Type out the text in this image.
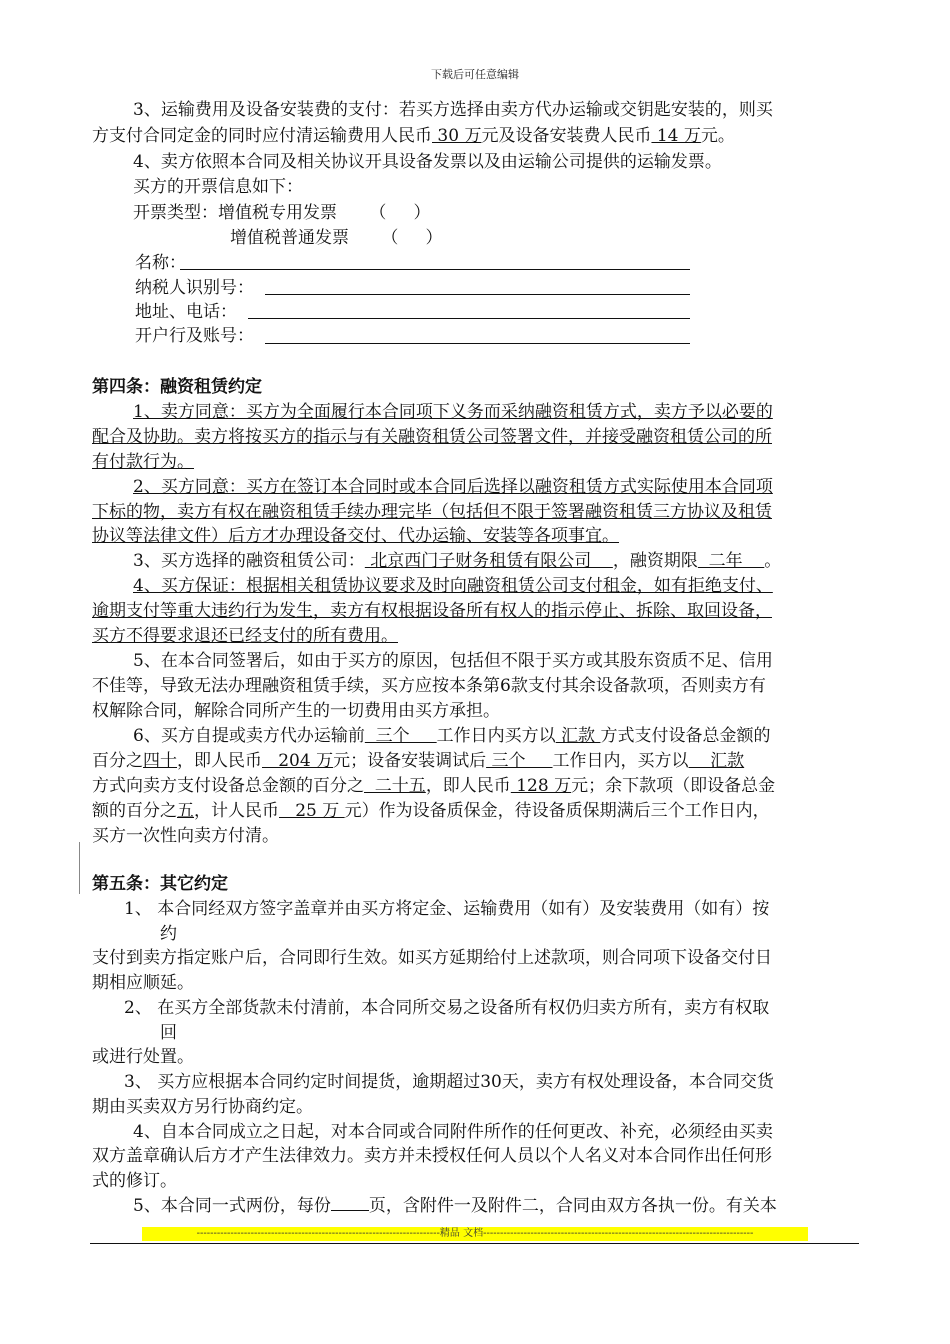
下载后可任意编辑
3、运输费用及设备安装费的支付：若买方选择由卖方代办运输或交钥匙安装的，则买
方支付合同定金的同时应付清运输费用人民币 30 万元及设备安装费人民币 14 万元。
4、卖方依照本合同及相关协议开具设备发票以及由运输公司提供的运输发票。
买方的开票信息如下：
开票类型：增值税专用发票      （     ）
增值税普通发票      （     ）
名称：
纳税人识别号：
地址、电话：
开户行及账号：
第四条：融资租赁约定
1、卖方同意：买方为全面履行本合同项下义务而采纳融资租赁方式，卖方予以必要的
配合及协助。卖方将按买方的指示与有关融资租赁公司签署文件，并接受融资租赁公司的所
有付款行为。
2、买方同意：买方在签订本合同时或本合同后选择以融资租赁方式实际使用本合同项
下标的物，卖方有权在融资租赁手续办理完毕（包括但不限于签署融资租赁三方协议及租赁
协议等法律文件）后方才办理设备交付、代办运输、安装等各项事宜。
3、买方选择的融资租赁公司： 北京西门子财务租赁有限公司    ，融资期限  二年    。
4、买方保证：根据相关租赁协议要求及时向融资租赁公司支付租金，如有拒绝支付、
逾期支付等重大违约行为发生，卖方有权根据设备所有权人的指示停止、拆除、取回设备，
买方不得要求退还已经支付的所有费用。
5、在本合同签署后，如由于买方的原因，包括但不限于买方或其股东资质不足、信用
不佳等，导致无法办理融资租赁手续，买方应按本条第6款支付其余设备款项，否则卖方有
权解除合同，解除合同所产生的一切费用由买方承担。
6、买方自提或卖方代办运输前  三个     工作日内买方以 汇款 方式支付设备总金额的
百分之四十，即人民币   204 万元；设备安装调试后 三个     工作日内，买方以    汇款
方式向卖方支付设备总金额的百分之  二十五，即人民币 128 万元；余下款项（即设备总金
额的百分之五，计人民币   25 万 元）作为设备质保金，待设备质保期满后三个工作日内，
买方一次性向卖方付清。
第五条：其它约定
1、 本合同经双方签字盖章并由买方将定金、运输费用（如有）及安装费用（如有）按
约
支付到卖方指定账户后，合同即行生效。如买方延期给付上述款项，则合同项下设备交付日
期相应顺延。
2、 在买方全部货款未付清前，本合同所交易之设备所有权仍归卖方所有，卖方有权取
回
或进行处置。
3、 买方应根据本合同约定时间提货，逾期超过30天，卖方有权处理设备，本合同交货
期由买卖双方另行协商约定。
4、自本合同成立之日起，对本合同或合同附件所作的任何更改、补充，必须经由买卖
双方盖章确认后方才产生法律效力。卖方并未授权任何人员以个人名义对本合同作出任何形
式的修订。
5、本合同一式两份，每份 页，含附件一及附件二，合同由双方各执一份。有关本
------------------------------------------------------------------------精品 文档--------------------------------------------------------------------------------
